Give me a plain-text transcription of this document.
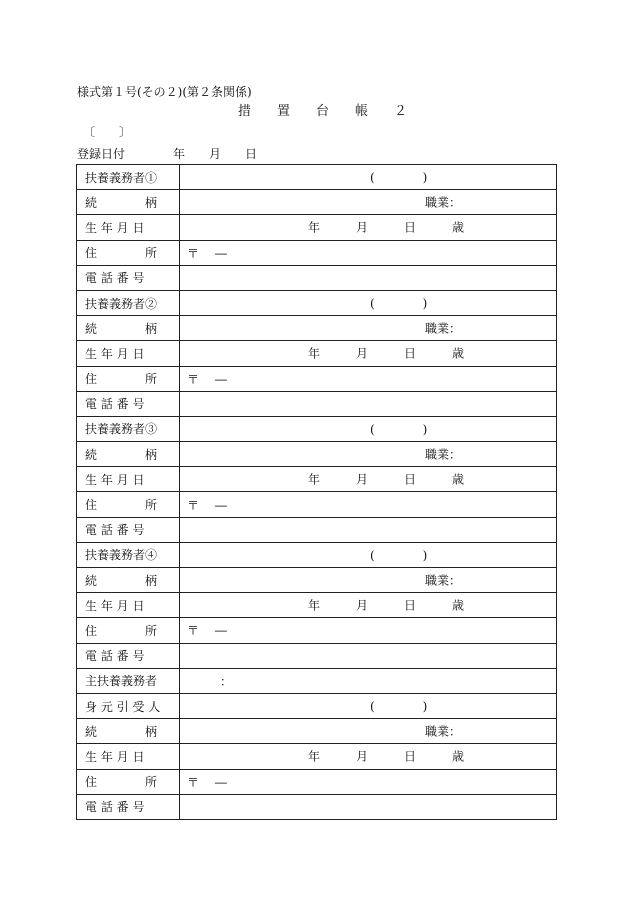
様式第１号(その２)(第２条関係)
措　　置　　台　　帳　　２
〔　　〕
登録日付　　　　年　　月　　日
扶養義務者①	(　　　　)

続　　　　柄	職業：

生 年 月 日	年　　　月　　　日　　　歳

住　　　　所	〒　 ―

電 話 番 号	
扶養義務者②	(　　　　)

続　　　　柄	職業：

生 年 月 日	年　　　月　　　日　　　歳

住　　　　所	〒　 ―

電 話 番 号	
扶養義務者③	(　　　　)

続　　　　柄	職業：

生 年 月 日	年　　　月　　　日　　　歳

住　　　　所	〒　 ―

電 話 番 号	
扶養義務者④	(　　　　)

続　　　　柄	職業：

生 年 月 日	年　　　月　　　日　　　歳

住　　　　所	〒　 ―

電 話 番 号	
主扶養義務者	：

身 元 引 受 人	(　　　　)

続　　　　柄	職業：

生 年 月 日	年　　　月　　　日　　　歳

住　　　　所	〒　 ―

電 話 番 号	
